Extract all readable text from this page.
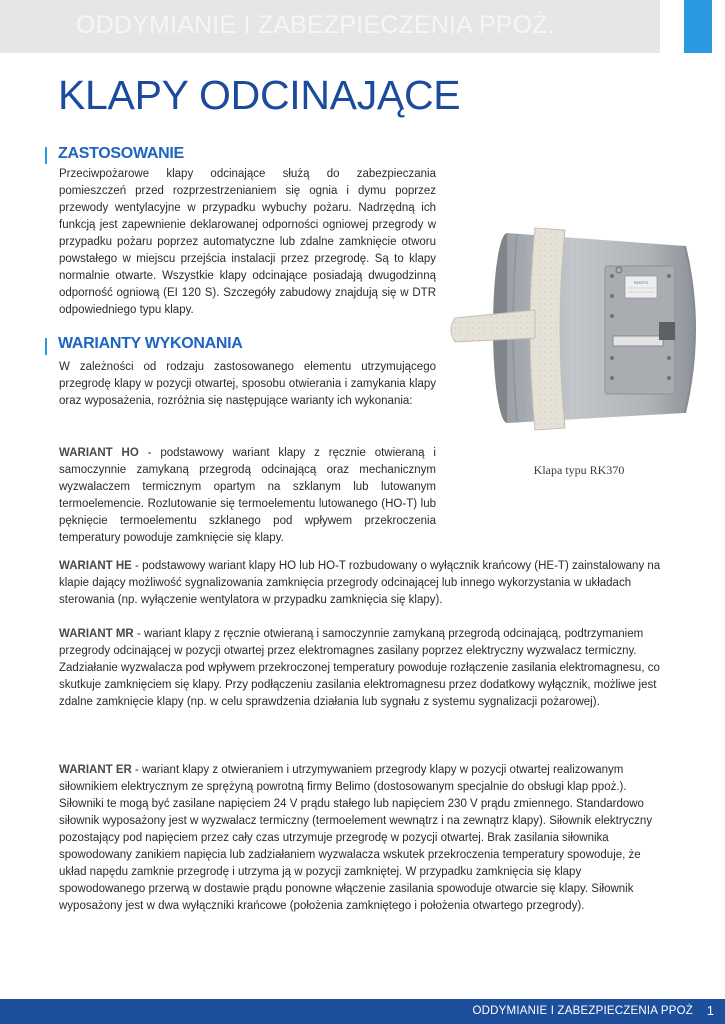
ODDYMIANIE I ZABEZPIECZENIA PPOŻ.
KLAPY ODCINAJĄCE
ZASTOSOWANIE

Przeciwpożarowe klapy odcinające służą do zabezpieczania pomieszczeń przed rozprzestrzenianiem się ognia i dymu poprzez przewody wentylacyjne w przypadku wybuchy pożaru. Nadrzędną ich funkcją jest zapewnienie deklarowanej odporności ogniowej przegrody w przypadku pożaru poprzez automatyczne lub zdalne zamknięcie otworu powstałego w miejscu przejścia instalacji przez przegrodę. Są to klapy normalnie otwarte. Wszystkie klapy odcinające posiadają dwugodzinną odporność ogniową (EI 120 S). Szczegóły zabudowy znajdują się w DTR odpowiedniego typu klapy.

WARIANTY WYKONANIA

W zależności od rodzaju zastosowanego elementu utrzymującego przegrodę klapy w pozycji otwartej, sposobu otwierania i zamykania klapy oraz wyposażenia, rozróżnia się następujące warianty ich wykonania:

WARIANT HO - podstawowy wariant klapy z ręcznie otwieraną i samoczynnie zamykaną przegrodą odcinającą oraz mechanicznym wyzwalaczem termicznym opartym na szklanym lub lutowanym termoelemencie. Rozlutowanie się termoelementu lutowanego (HO-T) lub pęknięcie termoelementu szklanego pod wpływem przekroczenia temperatury powoduje zamknięcie się klapy.

WARIANT HE - podstawowy wariant klapy HO lub HO-T rozbudowany o wyłącznik krańcowy (HE-T) zainstalowany na klapie dający możliwość sygnalizowania zamknięcia przegrody odcinającej lub innego wykorzystania w układach sterowania (np. wyłączenie wentylatora w przypadku zamknięcia się klapy).

WARIANT MR - wariant klapy z ręcznie otwieraną i samoczynnie zamykaną przegrodą odcinającą, podtrzymaniem przegrody odcinającej w pozycji otwartej przez elektromagnes zasilany poprzez elektryczny wyzwalacz termiczny.

Zadziałanie wyzwalacza pod wpływem przekroczonej temperatury powoduje rozłączenie zasilania elektromagnesu, co skutkuje zamknięciem się klapy. Przy podłączeniu zasilania elektromagnesu przez dodatkowy wyłącznik, możliwe jest zdalne zamknięcie klapy (np. w celu sprawdzenia działania lub sygnału z systemu sygnalizacji pożarowej).

WARIANT ER - wariant klapy z otwieraniem i utrzymywaniem przegrody klapy w pozycji otwartej realizowanym siłownikiem elektrycznym ze sprężyną powrotną firmy Belimo (dostosowanym specjalnie do obsługi klap ppoż.). Siłowniki te mogą być zasilane napięciem 24 V prądu stałego lub napięciem 230 V prądu zmiennego. Standardowo siłownik wyposażony jest w wyzwalacz termiczny (termoelement wewnątrz i na zewnątrz klapy). Siłownik elektryczny pozostający pod napięciem przez cały czas utrzymuje przegrodę w pozycji otwartej. Brak zasilania siłownika spowodowany zanikiem napięcia lub zadziałaniem wyzwalacza wskutek przekroczenia temperatury spowoduje, że układ napędu zamknie przegrodę i utrzyma ją w pozycji zamkniętej. W przypadku zamknięcia się klapy spowodowanego przerwą w dostawie prądu ponowne włączenie zasilania spowoduje otwarcie się klapy. Siłownik wyposażony jest w dwa wyłączniki krańcowe (położenia zamkniętego i położenia otwartego przegrody).

ROSTS
Klapa typu RK370
ODDYMIANIE I ZABEZPIECZENIA PPOŻ 1
